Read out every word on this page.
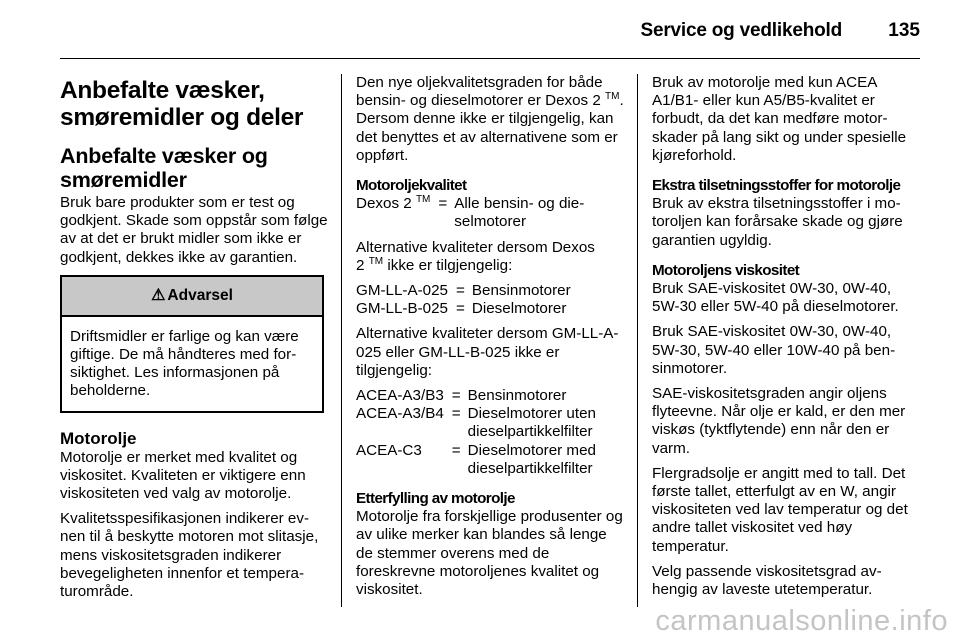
Service og vedlikehold 135
Anbefalte væsker, smøremidler og deler
Anbefalte væsker og smøremidler

Bruk bare produkter som er test og godkjent. Skade som oppstår som følge av at det er brukt midler som ikke er godkjent, dekkes ikke av garantien.

⚠ Advarsel
Driftsmidler er farlige og kan være giftige. De må håndteres med forsiktighet. Les informasjonen på beholderne.
Motorolje

Motorolje er merket med kvalitet og viskositet. Kvaliteten er viktigere enn viskositeten ved valg av motorolje.

Kvalitetsspesifikasjonen indikerer evnen til å beskytte motoren mot slitasje, mens viskositetsgraden indikerer bevegeligheten innenfor et temperaturområde.

Den nye oljekvalitetsgraden for både bensin- og dieselmotorer er Dexos 2 ™. Dersom denne ikke er tilgjengelig, kan det benyttes et av alternativene som er oppført.

Motoroljekvalitet
Dexos 2 ™	=	Alle bensin- og dieselmotorer

Alternative kvaliteter dersom Dexos 2 ™ ikke er tilgjengelig:

GM-LL-A-025	=	Bensinmotorer
GM-LL-B-025	=	Dieselmotorer

Alternative kvaliteter dersom GM-LL-A-025 eller GM-LL-B-025 ikke er tilgjengelig:

ACEA-A3/B3	=	Bensinmotorer
ACEA-A3/B4	=	Dieselmotorer uten dieselpartikkelfilter
ACEA-C3	=	Dieselmotorer med dieselpartikkelfilter
Etterfylling av motorolje

Motorolje fra forskjellige produsenter og av ulike merker kan blandes så lenge de stemmer overens med de foreskrevne motoroljenes kvalitet og viskositet.

Bruk av motorolje med kun ACEA A1/B1- eller kun A5/B5-kvalitet er forbudt, da det kan medføre motorskader på lang sikt og under spesielle kjøreforhold.

Ekstra tilsetningsstoffer for motorolje

Bruk av ekstra tilsetningsstoffer i motoroljen kan forårsake skade og gjøre garantien ugyldig.

Motoroljens viskositet

Bruk SAE-viskositet 0W-30, 0W-40, 5W-30 eller 5W-40 på dieselmotorer.

Bruk SAE-viskositet 0W-30, 0W-40, 5W-30, 5W-40 eller 10W-40 på bensinmotorer.

SAE-viskositetsgraden angir oljens flyteevne. Når olje er kald, er den mer viskøs (tyktflytende) enn når den er varm.

Flergradsolje er angitt med to tall. Det første tallet, etterfulgt av en W, angir viskositeten ved lav temperatur og det andre tallet viskositet ved høy temperatur.

Velg passende viskositetsgrad avhengig av laveste utetemperatur.

carmanualsonline.info
